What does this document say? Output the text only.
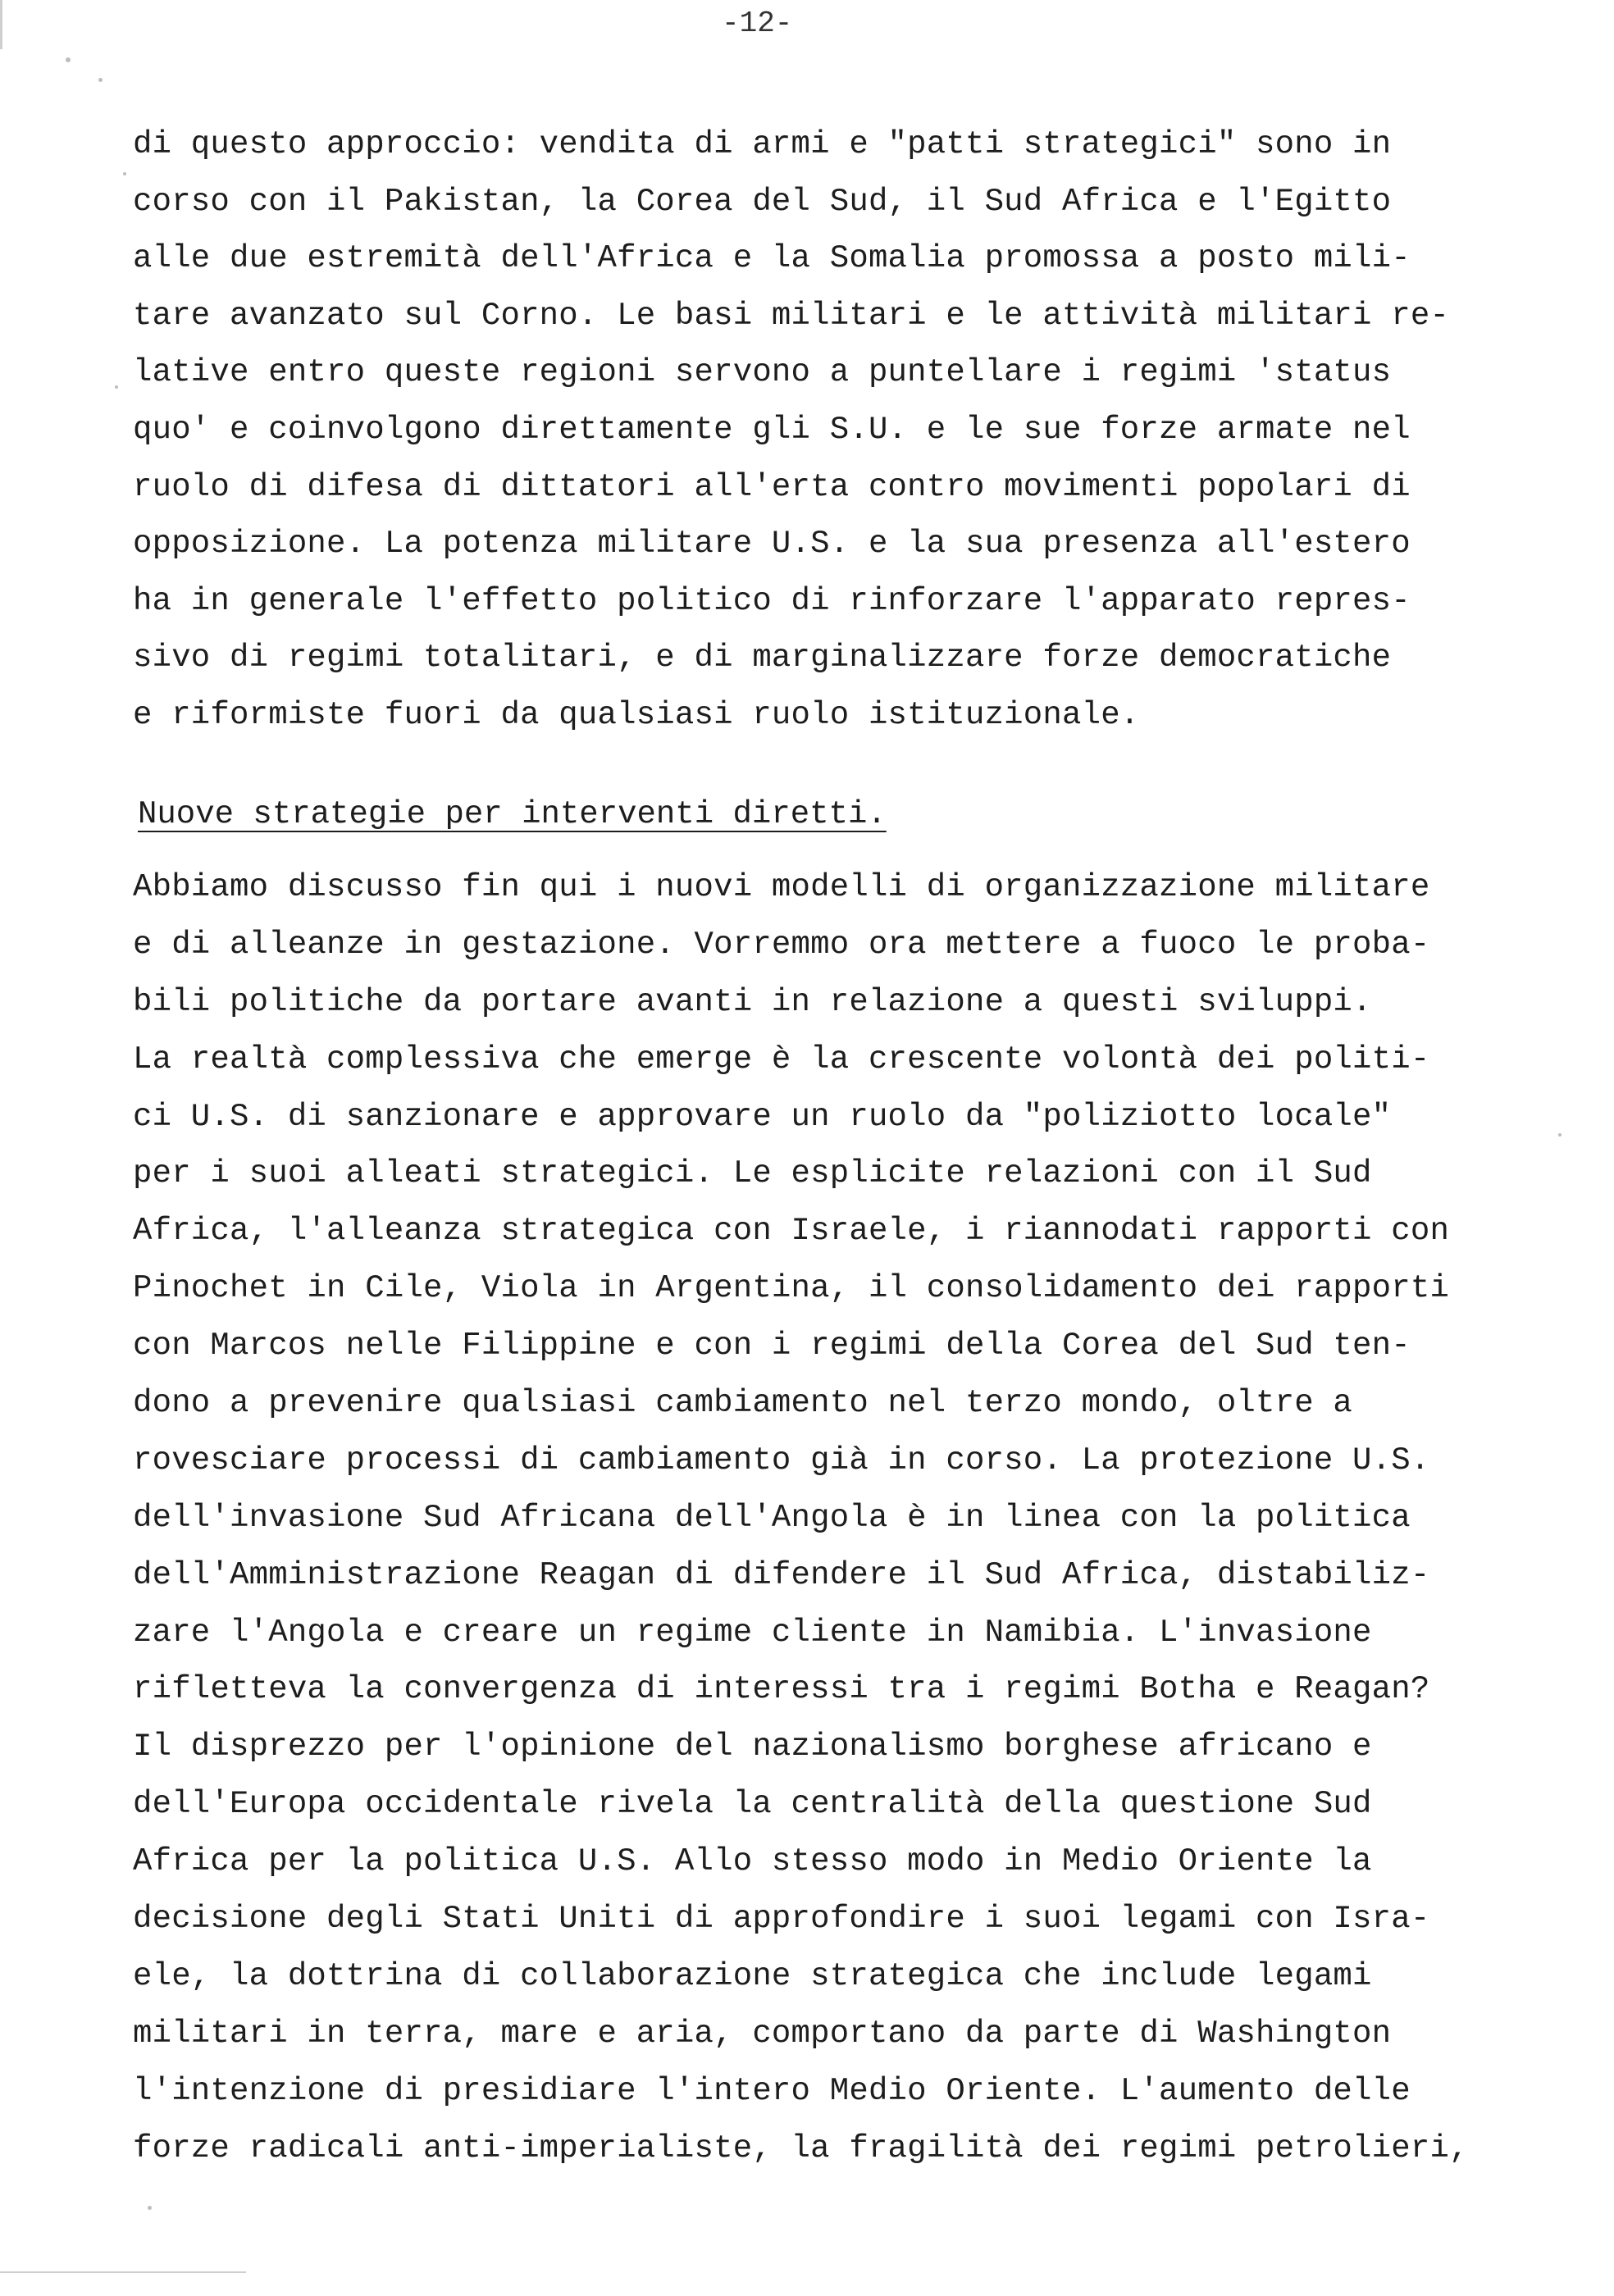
-12-
di questo approccio: vendita di armi e "patti strategici" sono in
corso con il Pakistan, la Corea del Sud, il Sud Africa e l'Egitto
alle due estremità dell'Africa e la Somalia promossa a posto mili-
tare avanzato sul Corno. Le basi militari e le attività militari re-
lative entro queste regioni servono a puntellare i regimi 'status
quo' e coinvolgono direttamente gli S.U. e le sue forze armate nel
ruolo di difesa di dittatori all'erta contro movimenti popolari di
opposizione. La potenza militare U.S. e la sua presenza all'estero
ha in generale l'effetto politico di rinforzare l'apparato repres-
sivo di regimi totalitari, e di marginalizzare forze democratiche
e riformiste fuori da qualsiasi ruolo istituzionale.
Nuove strategie per interventi diretti.
Abbiamo discusso fin qui i nuovi modelli di organizzazione militare
e di alleanze in gestazione. Vorremmo ora mettere a fuoco le proba-
bili politiche da portare avanti in relazione a questi sviluppi.
La realtà complessiva che emerge è la crescente volontà dei politi-
ci U.S. di sanzionare e approvare un ruolo da "poliziotto locale"
per i suoi alleati strategici. Le esplicite relazioni con il Sud
Africa, l'alleanza strategica con Israele, i riannodati rapporti con
Pinochet in Cile, Viola in Argentina, il consolidamento dei rapporti
con Marcos nelle Filippine e con i regimi della Corea del Sud ten-
dono a prevenire qualsiasi cambiamento nel terzo mondo, oltre a
rovesciare processi di cambiamento già in corso. La protezione U.S.
dell'invasione Sud Africana dell'Angola è in linea con la politica
dell'Amministrazione Reagan di difendere il Sud Africa, distabiliz-
zare l'Angola e creare un regime cliente in Namibia. L'invasione
rifletteva la convergenza di interessi tra i regimi Botha e Reagan?
Il disprezzo per l'opinione del nazionalismo borghese africano e
dell'Europa occidentale rivela la centralità della questione Sud
Africa per la politica U.S. Allo stesso modo in Medio Oriente la
decisione degli Stati Uniti di approfondire i suoi legami con Isra-
ele, la dottrina di collaborazione strategica che include legami
militari in terra, mare e aria, comportano da parte di Washington
l'intenzione di presidiare l'intero Medio Oriente. L'aumento delle
forze radicali anti-imperialiste, la fragilità dei regimi petrolieri,
